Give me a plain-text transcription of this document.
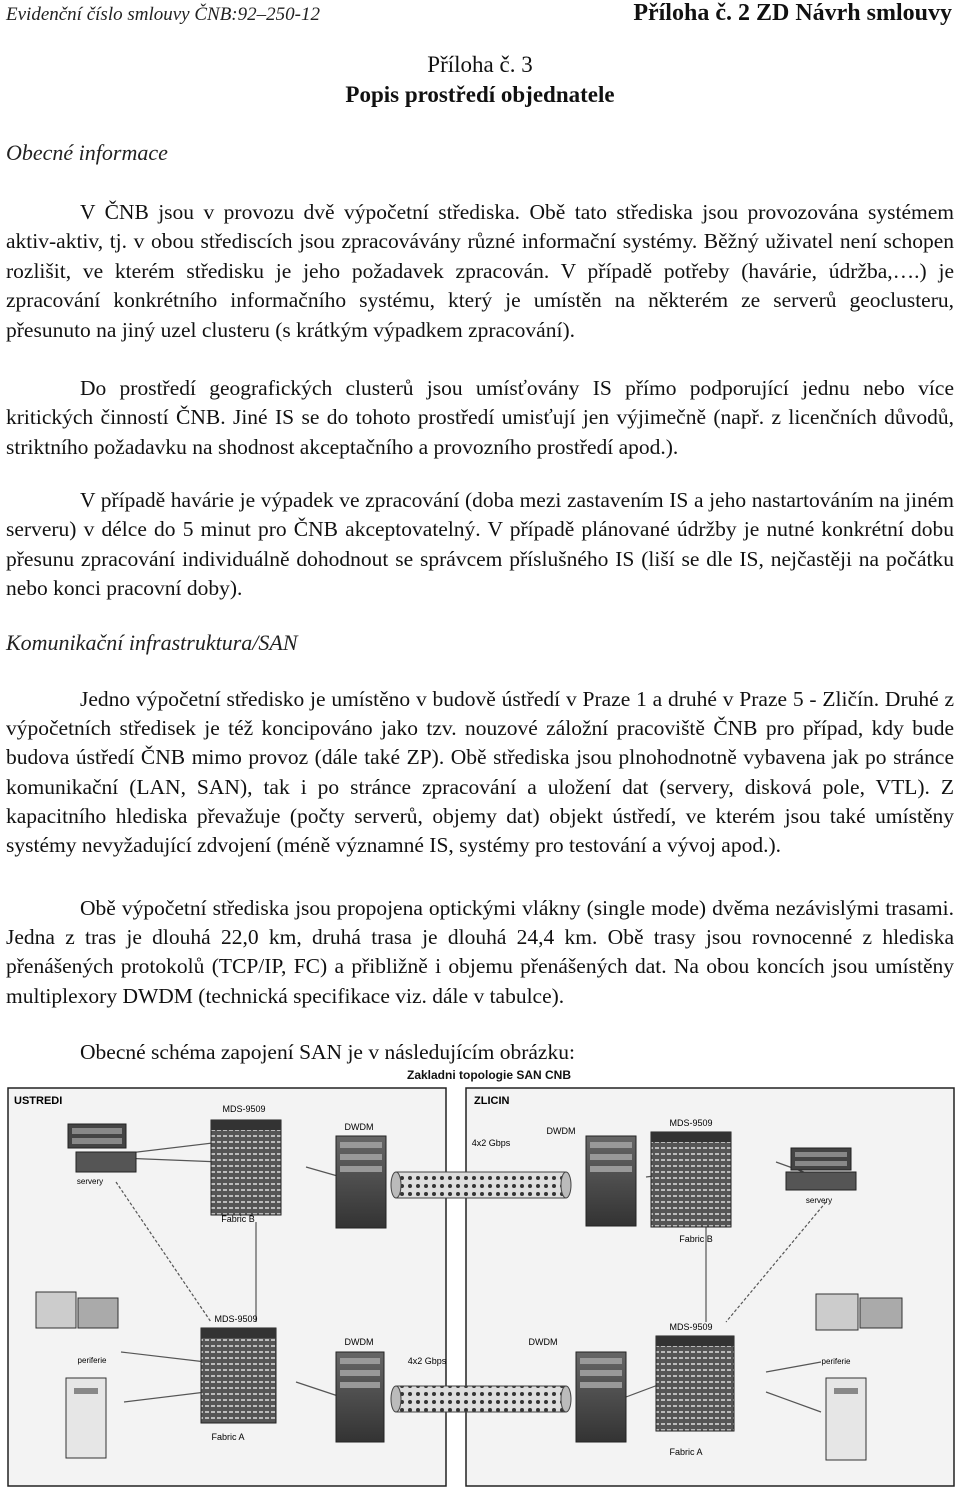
Evidenční číslo smlouvy ČNB:92–250-12	Příloha č. 2 ZD Návrh smlouvy
Příloha č. 3
Popis prostředí objednatele
Obecné informace

V ČNB jsou v provozu dvě výpočetní střediska. Obě tato střediska jsou provozována systémem aktiv-aktiv, tj. v obou střediscích jsou zpracovávány různé informační systémy. Běžný uživatel není schopen rozlišit, ve kterém středisku je jeho požadavek zpracován. V případě potřeby (havárie, údržba,….) je zpracování konkrétního informačního systému, který je umístěn na některém ze serverů geoclusteru, přesunuto na jiný uzel clusteru (s krátkým výpadkem zpracování).

Do prostředí geografických clusterů jsou umísťovány IS přímo podporující jednu nebo více kritických činností ČNB. Jiné IS se do tohoto prostředí umisťují jen výjimečně (např. z licenčních důvodů, striktního požadavku na shodnost akceptačního a provozního prostředí apod.).

V případě havárie je výpadek ve zpracování (doba mezi zastavením IS a jeho nastartováním na jiném serveru) v délce do 5 minut pro ČNB akceptovatelný. V případě plánované údržby je nutné konkrétní dobu přesunu zpracování individuálně dohodnout se správcem příslušného IS (liší se dle IS, nejčastěji na počátku nebo konci pracovní doby).

Komunikační infrastruktura/SAN

Jedno výpočetní středisko je umístěno v budově ústředí v Praze 1 a druhé v Praze 5 - Zličín. Druhé z výpočetních středisek je též koncipováno jako tzv. nouzové záložní pracoviště ČNB pro případ, kdy bude budova ústředí ČNB mimo provoz (dále také ZP). Obě střediska jsou plnohodnotně vybavena jak po stránce komunikační (LAN, SAN), tak i po stránce zpracování a uložení dat (servery, disková pole, VTL). Z kapacitního hlediska převažuje (počty serverů, objemy dat) objekt ústředí, ve kterém jsou také umístěny systémy nevyžadující zdvojení (méně významné IS, systémy pro testování a vývoj apod.).

Obě výpočetní střediska jsou propojena optickými vlákny (single mode) dvěma nezávislými trasami. Jedna z tras je dlouhá 22,0 km, druhá trasa je dlouhá 24,4 km. Obě trasy jsou rovnocenné z hlediska přenášených protokolů (TCP/IP, FC) a přibližně i objemu přenášených dat. Na obou koncích jsou umístěny multiplexory DWDM (technická specifikace viz. dále v tabulce).

Obecné schéma zapojení SAN je v následujícím obrázku:

Zakladni topologie SAN CNB
USTREDI	ZLICIN
4x2 Gbps
4x2 Gbps
servery
MDS-9509
Fabric B
DWDM	DWDM
MDS-9509
Fabric B
servery
periferie
MDS-9509
Fabric A
DWDM	DWDM
MDS-9509
Fabric A
periferie
